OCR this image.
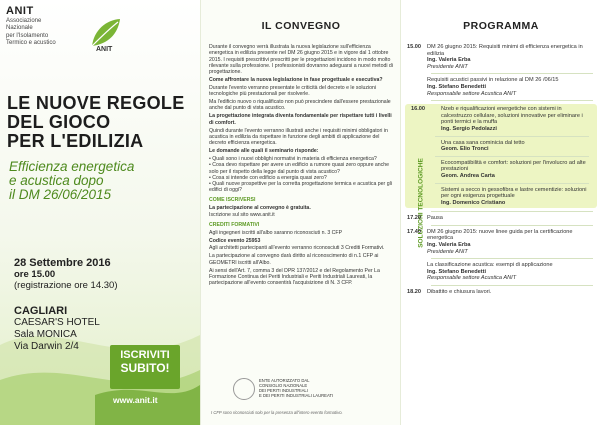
ANIT
Associazione
Nazionale
per l'Isolamento
Termico e acustico
ANIT
LE NUOVE REGOLE
DEL GIOCO
PER L'EDILIZIA
Efficienza energetica
e acustica dopo
il DM 26/06/2015
28 Settembre 2016
ore 15.00
(registrazione ore 14.30)
CAGLIARI
CAESAR'S HOTEL
Sala MONICA
Via Darwin 2/4
ISCRIVITI
SUBITO!
www.anit.it
IL CONVEGNO

Durante il convegno verrà illustrata la nuova legislazione sull'efficienza energetica in edilizia presente nel DM 26 giugno 2015 e in vigore dal 1 ottobre 2015. I requisiti prescrittivi prescritti per le progettazioni incidono in modo molto rilevante sulla professione. I professionisti dovranno adeguarsi a nuovi metodi di progettazione.

Come affrontare la nuova legislazione in fase progettuale e esecutiva?

Durante l'evento verranno presentate le criticità del decreto e le soluzioni tecnologiche più prestazionali per risolverle.

Ma l'edificio nuovo o riqualificato non può prescindere dall'essere prestazionale anche dal punto di vista acustico.

La progettazione integrata diventa fondamentale per rispettare tutti i livelli di comfort.

Quindi durante l'evento verranno illustrati anche i requisiti minimi obbligatori in acustica in edilizia da rispettare in funzione degli ambiti di applicazione del decreto efficienza energetica.

Le domande alle quali il seminario risponde:

• Quali sono i nuovi obblighi normativi in materia di efficienza energetica?
• Cosa devo rispettare per avere un edificio a rumore quasi zero oppure anche solo per il rispetto della legge dal punto di vista acustico?
• Cosa si intende con edificio a energia quasi zero?
• Quali nuove prospettive per la corretta progettazione termica e acustica per gli edifici di oggi?

COME ISCRIVERSI

La partecipazione al convegno è gratuita.

Iscrizione sul sito www.anit.it

CREDITI FORMATIVI

Agli ingegneri iscritti all'albo saranno riconosciuti n. 3 CFP

Codice evento 25953

Agli architetti partecipanti all'evento verranno riconosciuti 3 Crediti Formativi.

La partecipazione al convegno darà diritto al riconoscimento di n.1 CFP ai GEOMETRI iscritti all'Albo.

Ai sensi dell'Art. 7, comma 3 del DPR 137/2012 e del Regolamento Per La Formazione Continua dei Periti Industriali e Periti Industriali Laureati, la partecipazione all'evento consentirà l'acquisizione di N. 3 CFP.

ENTE AUTORIZZATO DAL
CONSIGLIO NAZIONALE
DEI PERITI INDUSTRIALI
E DEI PERITI INDUSTRIALI LAUREATI
I CFP sono riconosciuti solo per la presenza all'intero evento formativo.
PROGRAMMA
15.00	DM 26 giugno 2015: Requisiti minimi di efficienza energetica in edilizia
Ing. Valeria Erba
Presidente ANIT
Requisiti acustici passivi in relazione al DM 26 /06/15
Ing. Stefano Benedetti
Responsabile settore Acustica ANIT
SOLUZIONI TECNOLOGICHE
16.00	Nzeb e riqualificazioni energetiche con sistemi in calcestruzzo cellulare, soluzioni innovative per eliminare i ponti termici e la muffa
Ing. Sergio Pedolazzi
Una casa sana cominicia dal tetto
Geom. Elio Tronci
Ecocompatibilità e comfort: soluzioni per l'involucro ad alte prestazioni
Geom. Andrea Carta
Sistemi a secco in gessofibra e lastre cementizie: soluzioni per ogni esigenza progettuale
Ing. Domenico Cristiano
17.20	Pausa
17.40	DM 26 giugno 2015: nuove linee guida per la certificazione energetica
Ing. Valeria Erba
Presidente ANIT
La classificazione acustica: esempi di applicazione
Ing. Stefano Benedetti
Responsabile settore Acustica ANIT
18.20	Dibattito e chiusura lavori.
